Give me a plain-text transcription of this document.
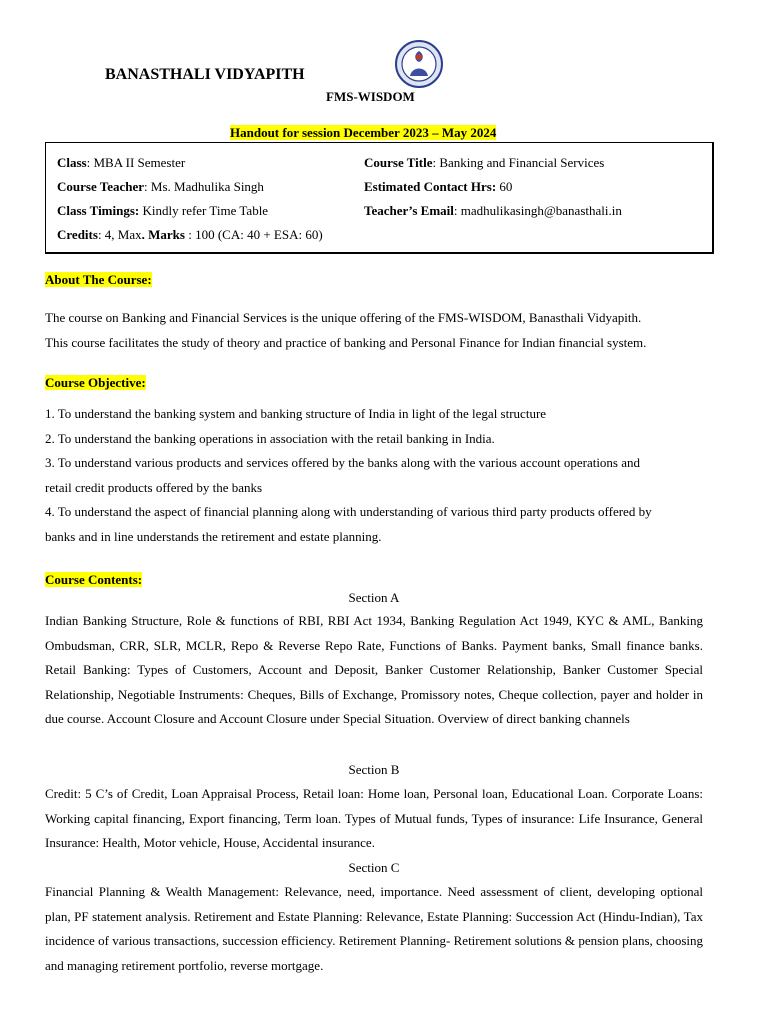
BANASTHALI VIDYAPITH
FMS-WISDOM
Handout for session December 2023 – May 2024
Class: MBA II Semester
Course Teacher: Ms. Madhulika Singh
Class Timings: Kindly refer Time Table
Credits: 4, Max. Marks : 100 (CA: 40 + ESA: 60)
Course Title: Banking and Financial Services
Estimated Contact Hrs: 60
Teacher’s Email: madhulikasingh@banasthali.in
About The Course:
The course on Banking and Financial Services is the unique offering of the FMS-WISDOM, Banasthali Vidyapith.
This course facilitates the study of theory and practice of banking and Personal Finance for Indian financial system.
Course Objective:
1. To understand the banking system and banking structure of India in light of the legal structure
2. To understand the banking operations in association with the retail banking in India.
3. To understand various products and services offered by the banks along with the various account operations and
retail credit products offered by the banks
4. To understand the aspect of financial planning along with understanding of various third party products offered by
banks and in line understands the retirement and estate planning.
Course Contents:
Section A
Indian Banking Structure, Role & functions of RBI, RBI Act 1934, Banking Regulation Act 1949, KYC & AML, Banking Ombudsman, CRR, SLR, MCLR, Repo & Reverse Repo Rate, Functions of Banks. Payment banks, Small finance banks. Retail Banking: Types of Customers, Account and Deposit, Banker Customer Relationship, Banker Customer Special Relationship, Negotiable Instruments: Cheques, Bills of Exchange, Promissory notes, Cheque collection, payer and holder in due course. Account Closure and Account Closure under Special Situation. Overview of direct banking channels
Section B
Credit: 5 C’s of Credit, Loan Appraisal Process, Retail loan: Home loan, Personal loan, Educational Loan. Corporate Loans: Working capital financing, Export financing, Term loan. Types of Mutual funds, Types of insurance: Life Insurance, General Insurance: Health, Motor vehicle, House, Accidental insurance.
Section C
Financial Planning & Wealth Management: Relevance, need, importance. Need assessment of client, developing optional plan, PF statement analysis. Retirement and Estate Planning: Relevance, Estate Planning: Succession Act (Hindu-Indian), Tax incidence of various transactions, succession efficiency. Retirement Planning- Retirement solutions & pension plans, choosing and managing retirement portfolio, reverse mortgage.
